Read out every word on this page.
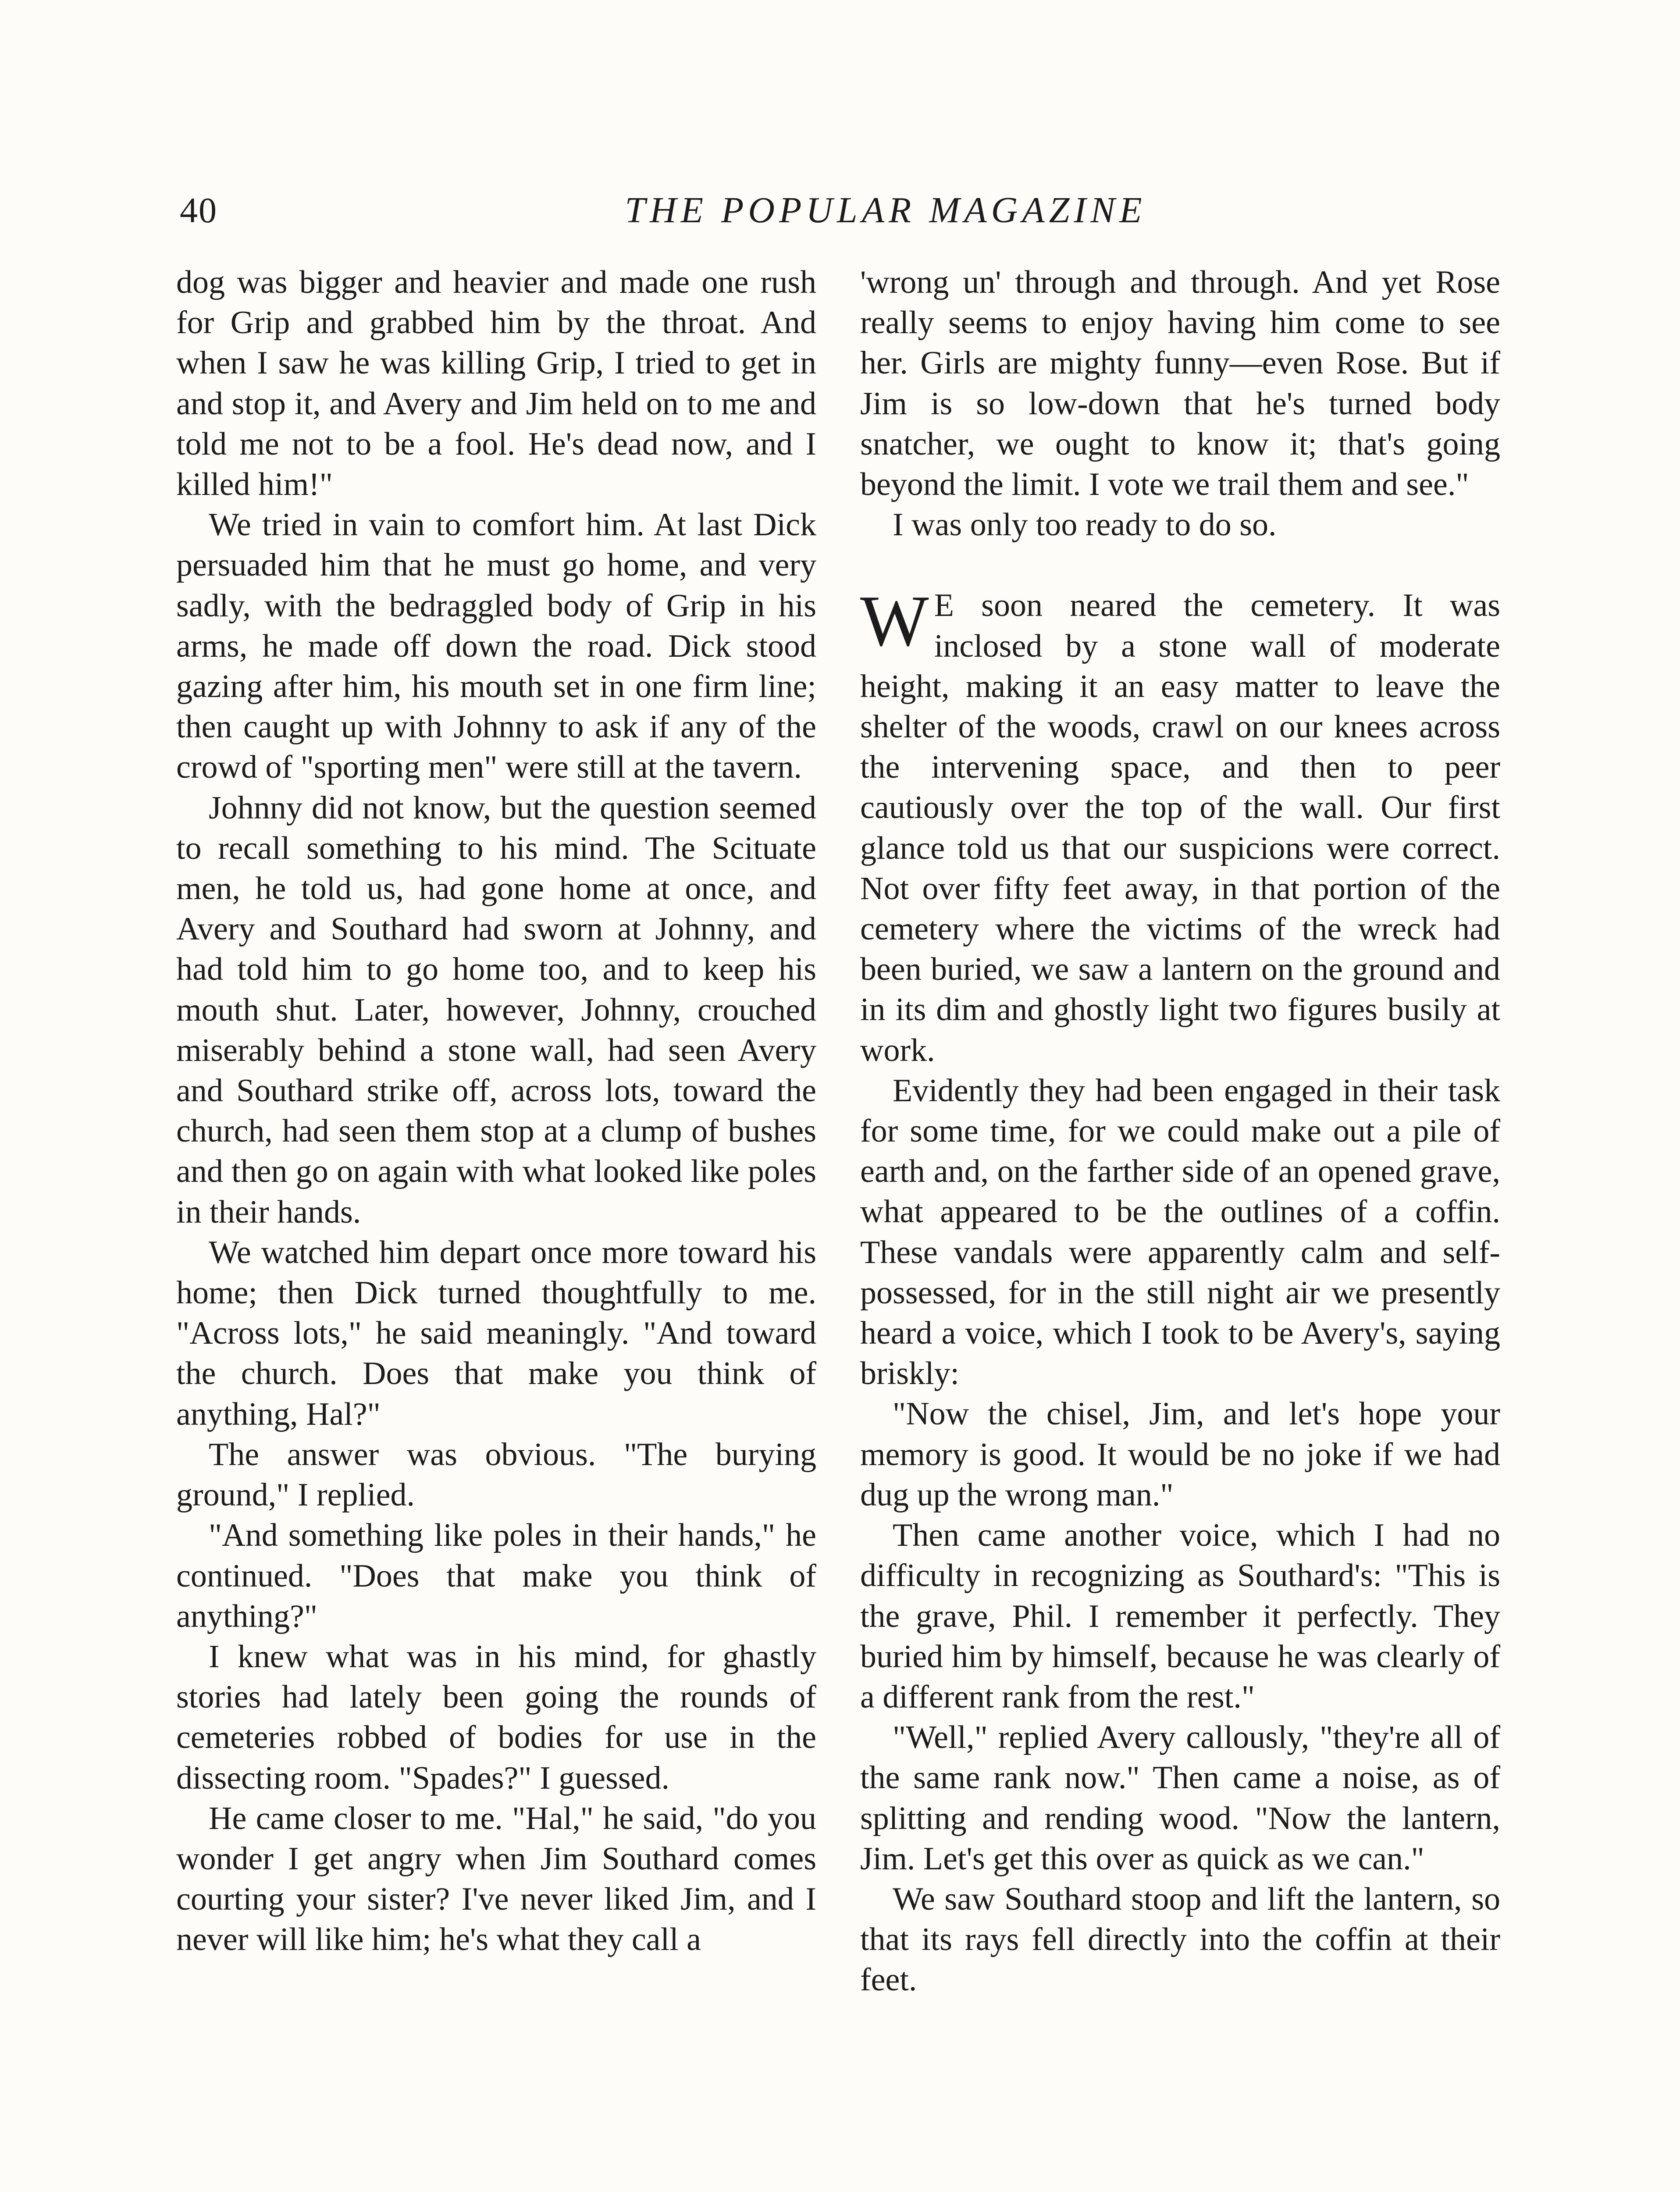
40	THE POPULAR MAGAZINE

dog was bigger and heavier and made one rush for Grip and grabbed him by the throat. And when I saw he was killing Grip, I tried to get in and stop it, and Avery and Jim held on to me and told me not to be a fool. He's dead now, and I killed him!"

We tried in vain to comfort him. At last Dick persuaded him that he must go home, and very sadly, with the bedraggled body of Grip in his arms, he made off down the road. Dick stood gazing after him, his mouth set in one firm line; then caught up with Johnny to ask if any of the crowd of "sporting men" were still at the tavern.

Johnny did not know, but the question seemed to recall something to his mind. The Scituate men, he told us, had gone home at once, and Avery and Southard had sworn at Johnny, and had told him to go home too, and to keep his mouth shut. Later, however, Johnny, crouched miserably behind a stone wall, had seen Avery and Southard strike off, across lots, toward the church, had seen them stop at a clump of bushes and then go on again with what looked like poles in their hands.

We watched him depart once more toward his home; then Dick turned thoughtfully to me. "Across lots," he said meaningly. "And toward the church. Does that make you think of anything, Hal?"

The answer was obvious. "The burying ground," I replied.

"And something like poles in their hands," he continued. "Does that make you think of anything?"

I knew what was in his mind, for ghastly stories had lately been going the rounds of cemeteries robbed of bodies for use in the dissecting room. "Spades?" I guessed.

He came closer to me. "Hal," he said, "do you wonder I get angry when Jim Southard comes courting your sister? I've never liked Jim, and I never will like him; he's what they call a

'wrong un' through and through. And yet Rose really seems to enjoy having him come to see her. Girls are mighty funny—even Rose. But if Jim is so low-down that he's turned body snatcher, we ought to know it; that's going beyond the limit. I vote we trail them and see."

I was only too ready to do so.

W E soon neared the cemetery. It was inclosed by a stone wall of moderate height, making it an easy matter to leave the shelter of the woods, crawl on our knees across the intervening space, and then to peer cautiously over the top of the wall. Our first glance told us that our suspicions were correct. Not over fifty feet away, in that portion of the cemetery where the victims of the wreck had been buried, we saw a lantern on the ground and in its dim and ghostly light two figures busily at work.

Evidently they had been engaged in their task for some time, for we could make out a pile of earth and, on the farther side of an opened grave, what appeared to be the outlines of a coffin. These vandals were apparently calm and self-possessed, for in the still night air we presently heard a voice, which I took to be Avery's, saying briskly:

"Now the chisel, Jim, and let's hope your memory is good. It would be no joke if we had dug up the wrong man."

Then came another voice, which I had no difficulty in recognizing as Southard's: "This is the grave, Phil. I remember it perfectly. They buried him by himself, because he was clearly of a different rank from the rest."

"Well," replied Avery callously, "they're all of the same rank now." Then came a noise, as of splitting and rending wood. "Now the lantern, Jim. Let's get this over as quick as we can."

We saw Southard stoop and lift the lantern, so that its rays fell directly into the coffin at their feet.
